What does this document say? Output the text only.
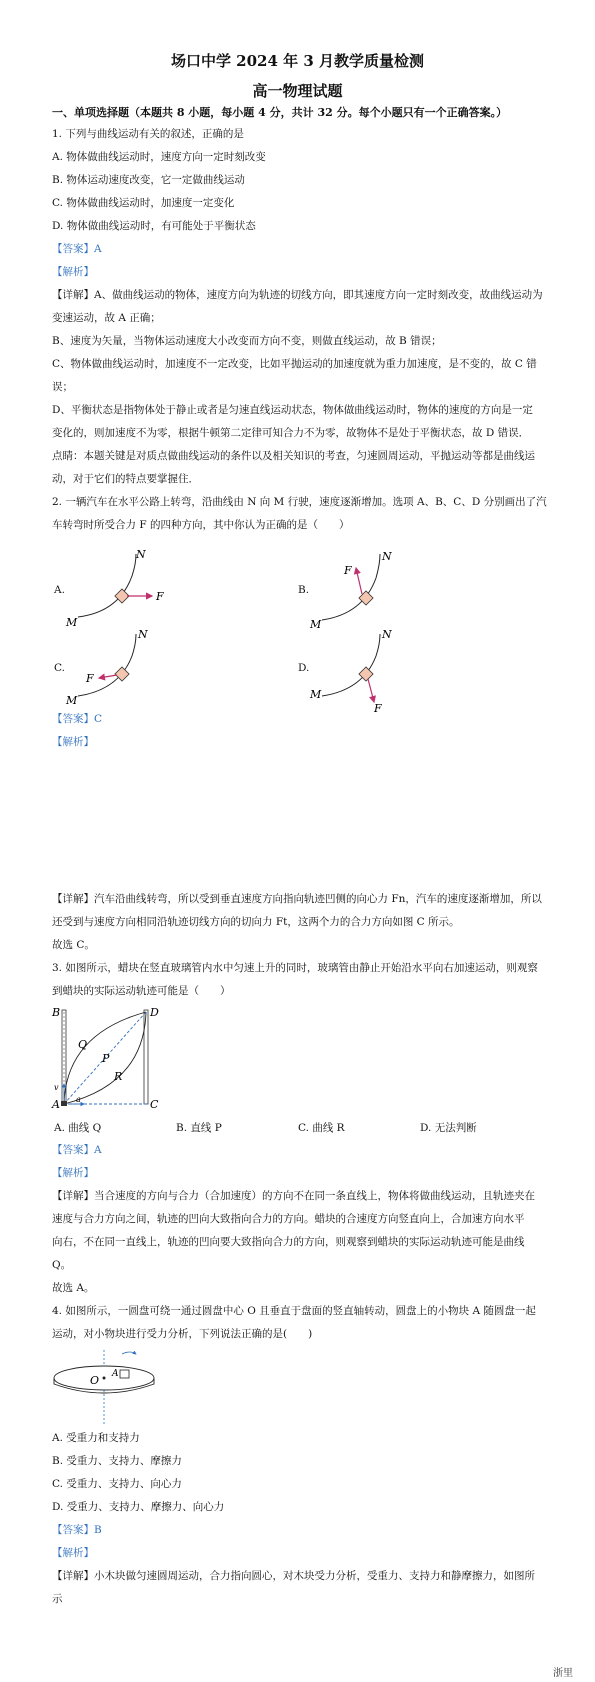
场口中学 2024 年 3 月教学质量检测
高一物理试题
一、单项选择题（本题共 8 小题，每小题 4 分，共计 32 分。每个小题只有一个正确答案。）
1. 下列与曲线运动有关的叙述，正确的是
A. 物体做曲线运动时，速度方向一定时刻改变
B. 物体运动速度改变，它一定做曲线运动
C. 物体做曲线运动时，加速度一定变化
D. 物体做曲线运动时，有可能处于平衡状态
【答案】A
【解析】
【详解】A、做曲线运动的物体，速度方向为轨迹的切线方向，即其速度方向一定时刻改变，故曲线运动为
变速运动，故 A 正确；
B、速度为矢量，当物体运动速度大小改变而方向不变，则做直线运动，故 B 错误；
C、物体做曲线运动时，加速度不一定改变，比如平抛运动的加速度就为重力加速度，是不变的，故 C 错
误；
D、平衡状态是指物体处于静止或者是匀速直线运动状态，物体做曲线运动时，物体的速度的方向是一定
变化的，则加速度不为零，根据牛顿第二定律可知合力不为零，故物体不是处于平衡状态，故 D 错误．
点睛：本题关键是对质点做曲线运动的条件以及相关知识的考查，匀速圆周运动，平抛运动等都是曲线运
动，对于它们的特点要掌握住．
2. 一辆汽车在水平公路上转弯，沿曲线由 N 向 M 行驶，速度逐渐增加。选项 A、B、C、D 分别画出了汽
车转弯时所受合力 F 的四种方向，其中你认为正确的是（　　）
A.	B.
C.	D.
N
M
F
N
M
F
N
M
F
N
M
F
【答案】C
【解析】
【详解】汽车沿曲线转弯，所以受到垂直速度方向指向轨迹凹侧的向心力 Fn，汽车的速度逐渐增加，所以
还受到与速度方向相同沿轨迹切线方向的切向力 Ft，这两个力的合力方向如图 C 所示。
故选 C。
3. 如图所示，蜡块在竖直玻璃管内水中匀速上升的同时，玻璃管由静止开始沿水平向右加速运动，则观察
到蜡块的实际运动轨迹可能是（　　）
B	D
Q
P
R
v
a
A	C
A. 曲线 Q	B. 直线 P	C. 曲线 R	D. 无法判断
【答案】A
【解析】
【详解】当合速度的方向与合力（合加速度）的方向不在同一条直线上，物体将做曲线运动，且轨迹夹在
速度与合力方向之间，轨迹的凹向大致指向合力的方向。蜡块的合速度方向竖直向上，合加速方向水平
向右，不在同一直线上，轨迹的凹向要大致指向合力的方向，则观察到蜡块的实际运动轨迹可能是曲线
Q。
故选 A。
4. 如图所示，一圆盘可绕一通过圆盘中心 O 且垂直于盘面的竖直轴转动，圆盘上的小物块 A 随圆盘一起
运动，对小物块进行受力分析，下列说法正确的是(　　)
O A
A. 受重力和支持力
B. 受重力、支持力、摩擦力
C. 受重力、支持力、向心力
D. 受重力、支持力、摩擦力、向心力
【答案】B
【解析】
【详解】小木块做匀速圆周运动，合力指向圆心，对木块受力分析，受重力、支持力和静摩擦力，如图所
示
浙里
